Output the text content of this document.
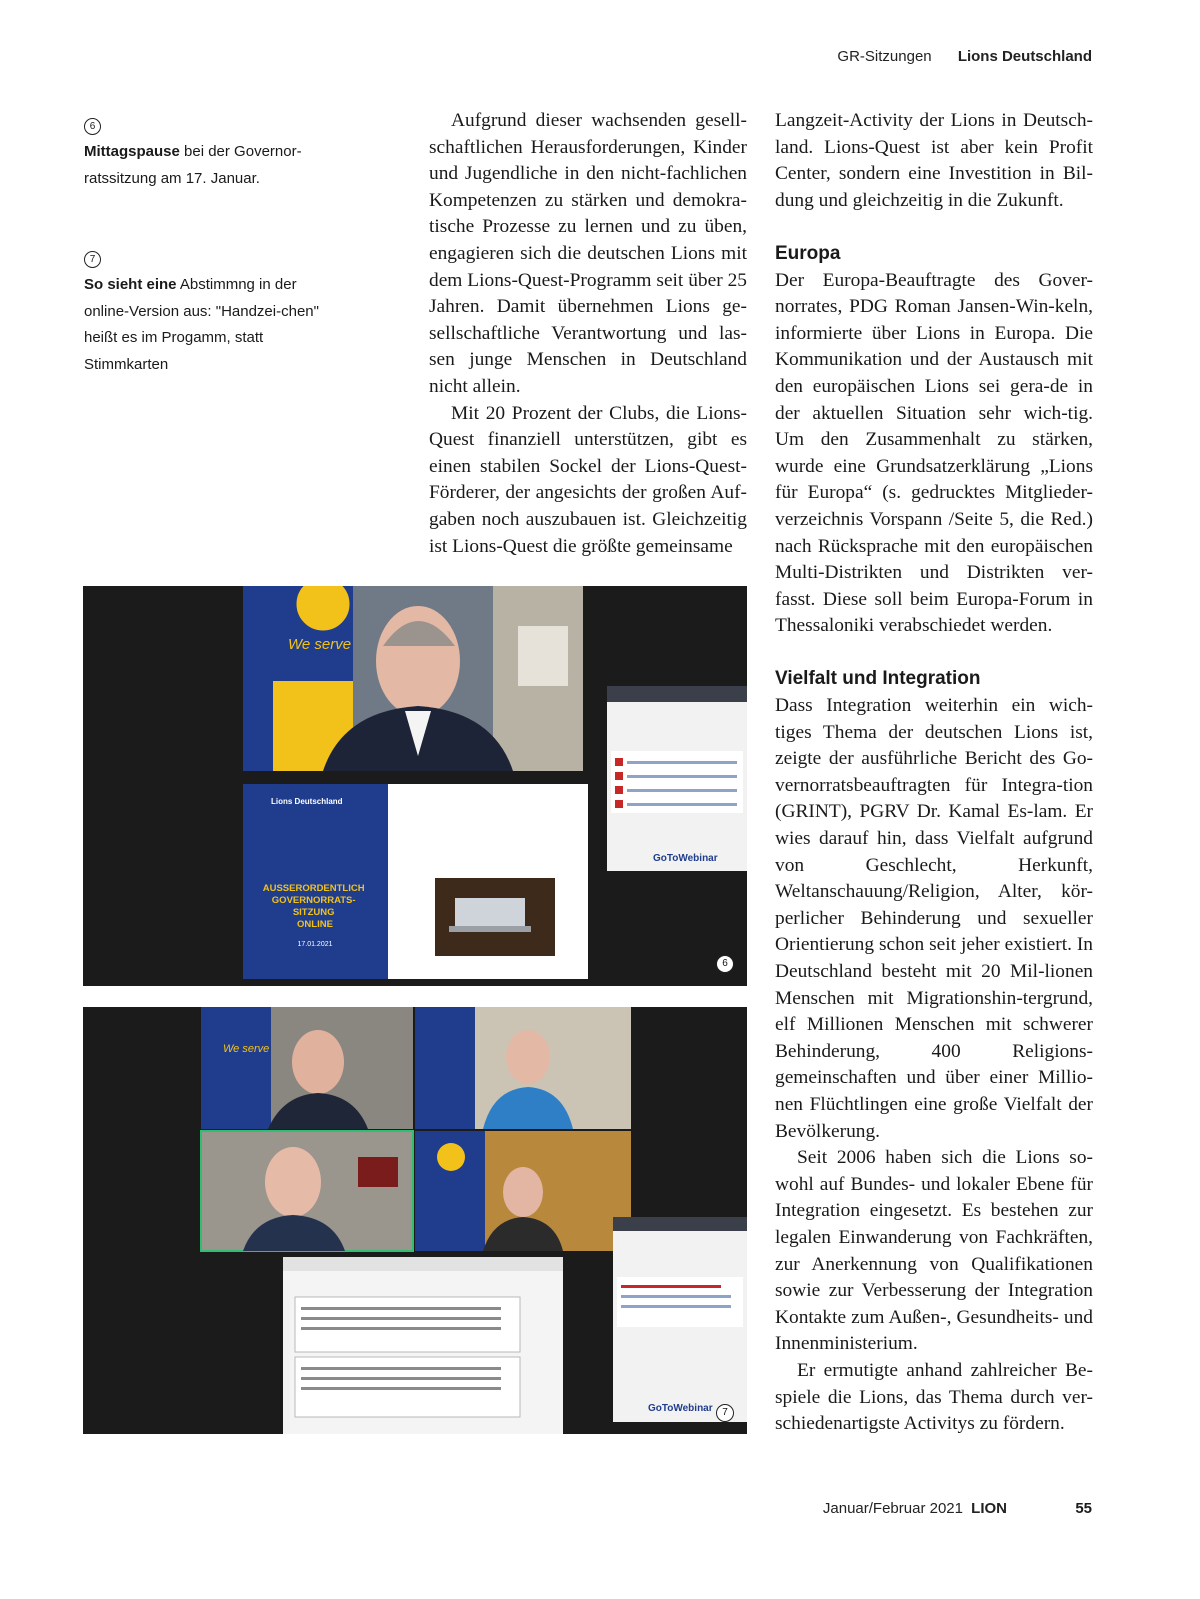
GR-Sitzungen Lions Deutschland
6
Mittagspause bei der Governor-ratssitzung am 17. Januar.
7
So sieht eine Abstimmng in der online-Version aus: "Handzei-chen" heißt es im Progamm, statt Stimmkarten

Aufgrund dieser wachsenden gesell-schaftlichen Herausforderungen, Kinder und Jugendliche in den nicht-fachlichen Kompetenzen zu stärken und demokra-tische Prozesse zu lernen und zu üben, engagieren sich die deutschen Lions mit dem Lions-Quest-Programm seit über 25 Jahren. Damit übernehmen Lions ge-sellschaftliche Verantwortung und las-sen junge Menschen in Deutschland nicht allein.

Mit 20 Prozent der Clubs, die Lions-Quest finanziell unterstützen, gibt es einen stabilen Sockel der Lions-Quest-Förderer, der angesichts der großen Auf-gaben noch auszubauen ist. Gleichzeitig ist Lions-Quest die größte gemeinsame

Langzeit-Activity der Lions in Deutsch-land. Lions-Quest ist aber kein Profit Center, sondern eine Investition in Bil-dung und gleichzeitig in die Zukunft.

Europa

Der Europa-Beauftragte des Gover-norrates, PDG Roman Jansen-Win-keln, informierte über Lions in Europa. Die Kommunikation und der Austausch mit den europäischen Lions sei gera-de in der aktuellen Situation sehr wich-tig. Um den Zusammenhalt zu stärken, wurde eine Grundsatzerklärung „Lions für Europa“ (s. gedrucktes Mitglieder-verzeichnis Vorspann /Seite 5, die Red.) nach Rücksprache mit den europäischen Multi-Distrikten und Distrikten ver-fasst. Diese soll beim Europa-Forum in Thessaloniki verabschiedet werden.

Vielfalt und Integration

Dass Integration weiterhin ein wich-tiges Thema der deutschen Lions ist, zeigte der ausführliche Bericht des Go-vernorratsbeauftragten für Integra-tion (GRINT), PGRV Dr. Kamal Es-lam. Er wies darauf hin, dass Vielfalt aufgrund von Geschlecht, Herkunft, Weltanschauung/Religion, Alter, kör-perlicher Behinderung und sexueller Orientierung schon seit jeher existiert. In Deutschland besteht mit 20 Mil-lionen Menschen mit Migrationshin-tergrund, elf Millionen Menschen mit schwerer Behinderung, 400 Religions-gemeinschaften und über einer Millio-nen Flüchtlingen eine große Vielfalt der Bevölkerung.

Seit 2006 haben sich die Lions so-wohl auf Bundes- und lokaler Ebene für Integration eingesetzt. Es bestehen zur legalen Einwanderung von Fachkräften, zur Anerkennung von Qualifikationen sowie zur Verbesserung der Integration Kontakte zum Außen-, Gesundheits- und Innenministerium.

Er ermutigte anhand zahlreicher Be-spiele die Lions, das Thema durch ver-schiedenartigste Activitys zu fördern.

We serve
GoToWebinar
Lions Deutschland
AUSSERORDENTLICH GOVERNORRATS- SITZUNG ONLINE
17.01.2021
6
We serve
GoToWebinar 7
Januar/Februar 2021 LION	55
